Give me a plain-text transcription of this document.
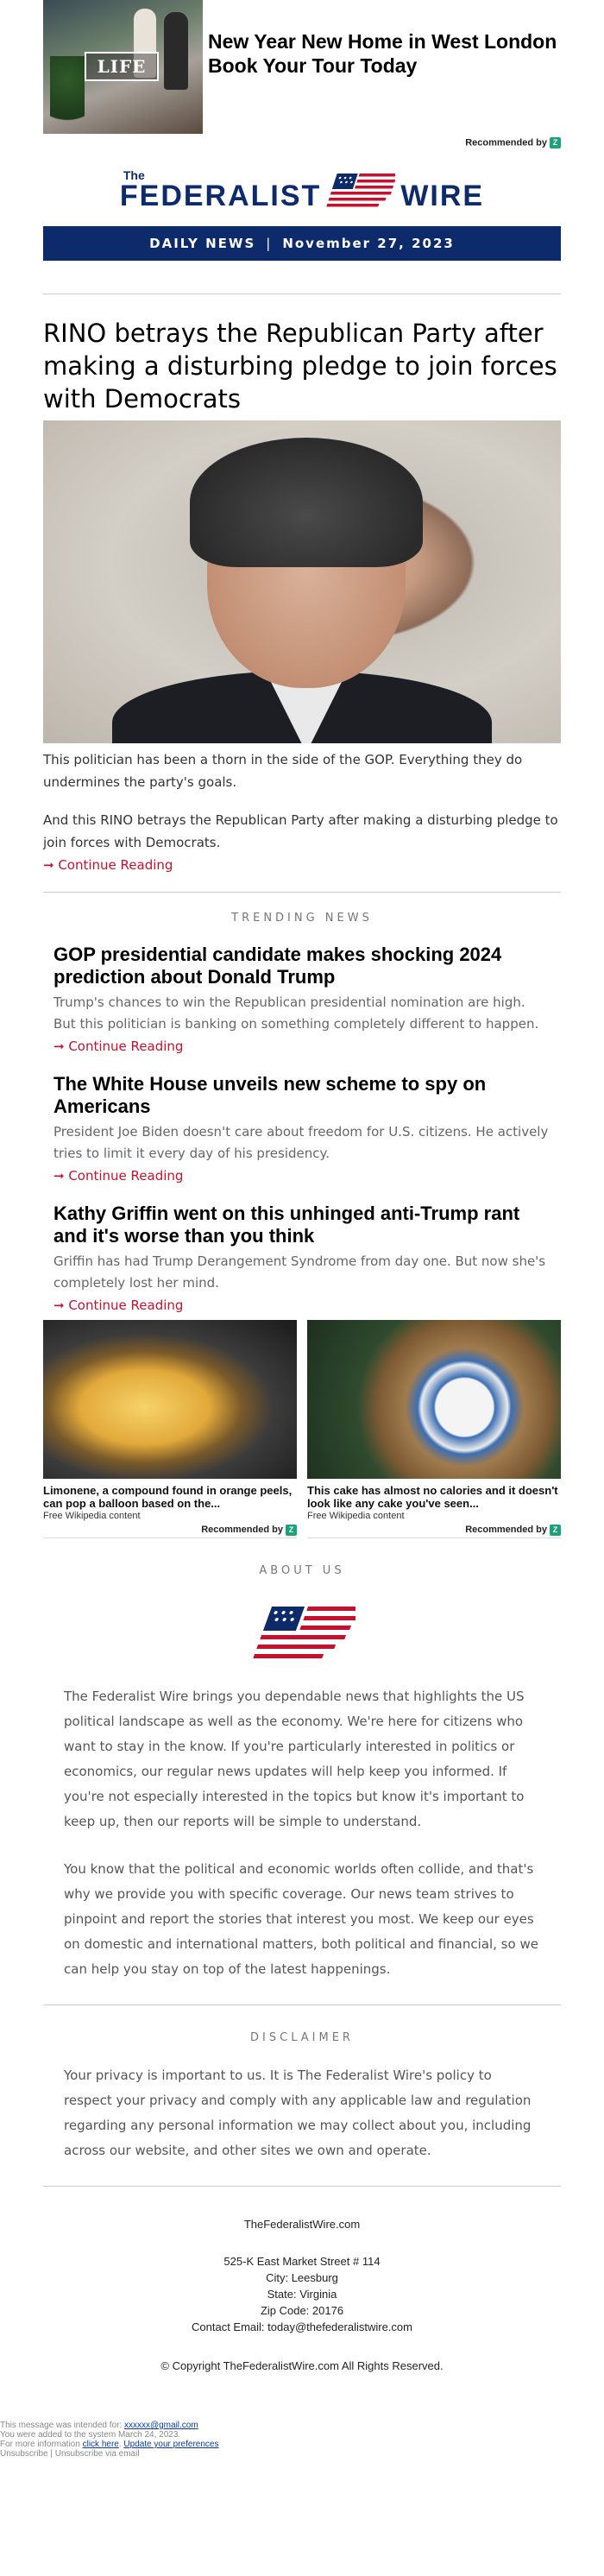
LIFE
New Year New Home in West London
Book Your Tour Today
Recommended by Z
The
FEDERALIST	WIRE
DAILY NEWS | November 27, 2023
RINO betrays the Republican Party after making a disturbing pledge to join forces with Democrats

This politician has been a thorn in the side of the GOP. Everything they do undermines the party's goals.

And this RINO betrays the Republican Party after making a disturbing pledge to join forces with Democrats.

➞ Continue Reading
TRENDING NEWS
GOP presidential candidate makes shocking 2024 prediction about Donald Trump

Trump's chances to win the Republican presidential nomination are high. But this politician is banking on something completely different to happen.

➞ Continue Reading
The White House unveils new scheme to spy on Americans

President Joe Biden doesn't care about freedom for U.S. citizens. He actively tries to limit it every day of his presidency.

➞ Continue Reading
Kathy Griffin went on this unhinged anti-Trump rant and it's worse than you think

Griffin has had Trump Derangement Syndrome from day one. But now she's completely lost her mind.

➞ Continue Reading
Limonene, a compound found in orange peels, can pop a balloon based on the...
Free Wikipedia content
Recommended by Z
This cake has almost no calories and it doesn't look like any cake you've seen...
Free Wikipedia content
Recommended by Z
ABOUT US

The Federalist Wire brings you dependable news that highlights the US political landscape as well as the economy. We're here for citizens who want to stay in the know. If you're particularly interested in politics or economics, our regular news updates will help keep you informed. If you're not especially interested in the topics but know it's important to keep up, then our reports will be simple to understand.

You know that the political and economic worlds often collide, and that's why we provide you with specific coverage. Our news team strives to pinpoint and report the stories that interest you most. We keep our eyes on domestic and international matters, both political and financial, so we can help you stay on top of the latest happenings.

DISCLAIMER

Your privacy is important to us. It is The Federalist Wire's policy to respect your privacy and comply with any applicable law and regulation regarding any personal information we may collect about you, including across our website, and other sites we own and operate.

TheFederalistWire.com
525-K East Market Street # 114
City: Leesburg
State: Virginia
Zip Code: 20176
Contact Email: today@thefederalistwire.com
© Copyright TheFederalistWire.com All Rights Reserved.
This message was intended for: xxxxxx@gmail.com
You were added to the system March 24, 2023.
For more information click here. Update your preferences
Unsubscribe | Unsubscribe via email
